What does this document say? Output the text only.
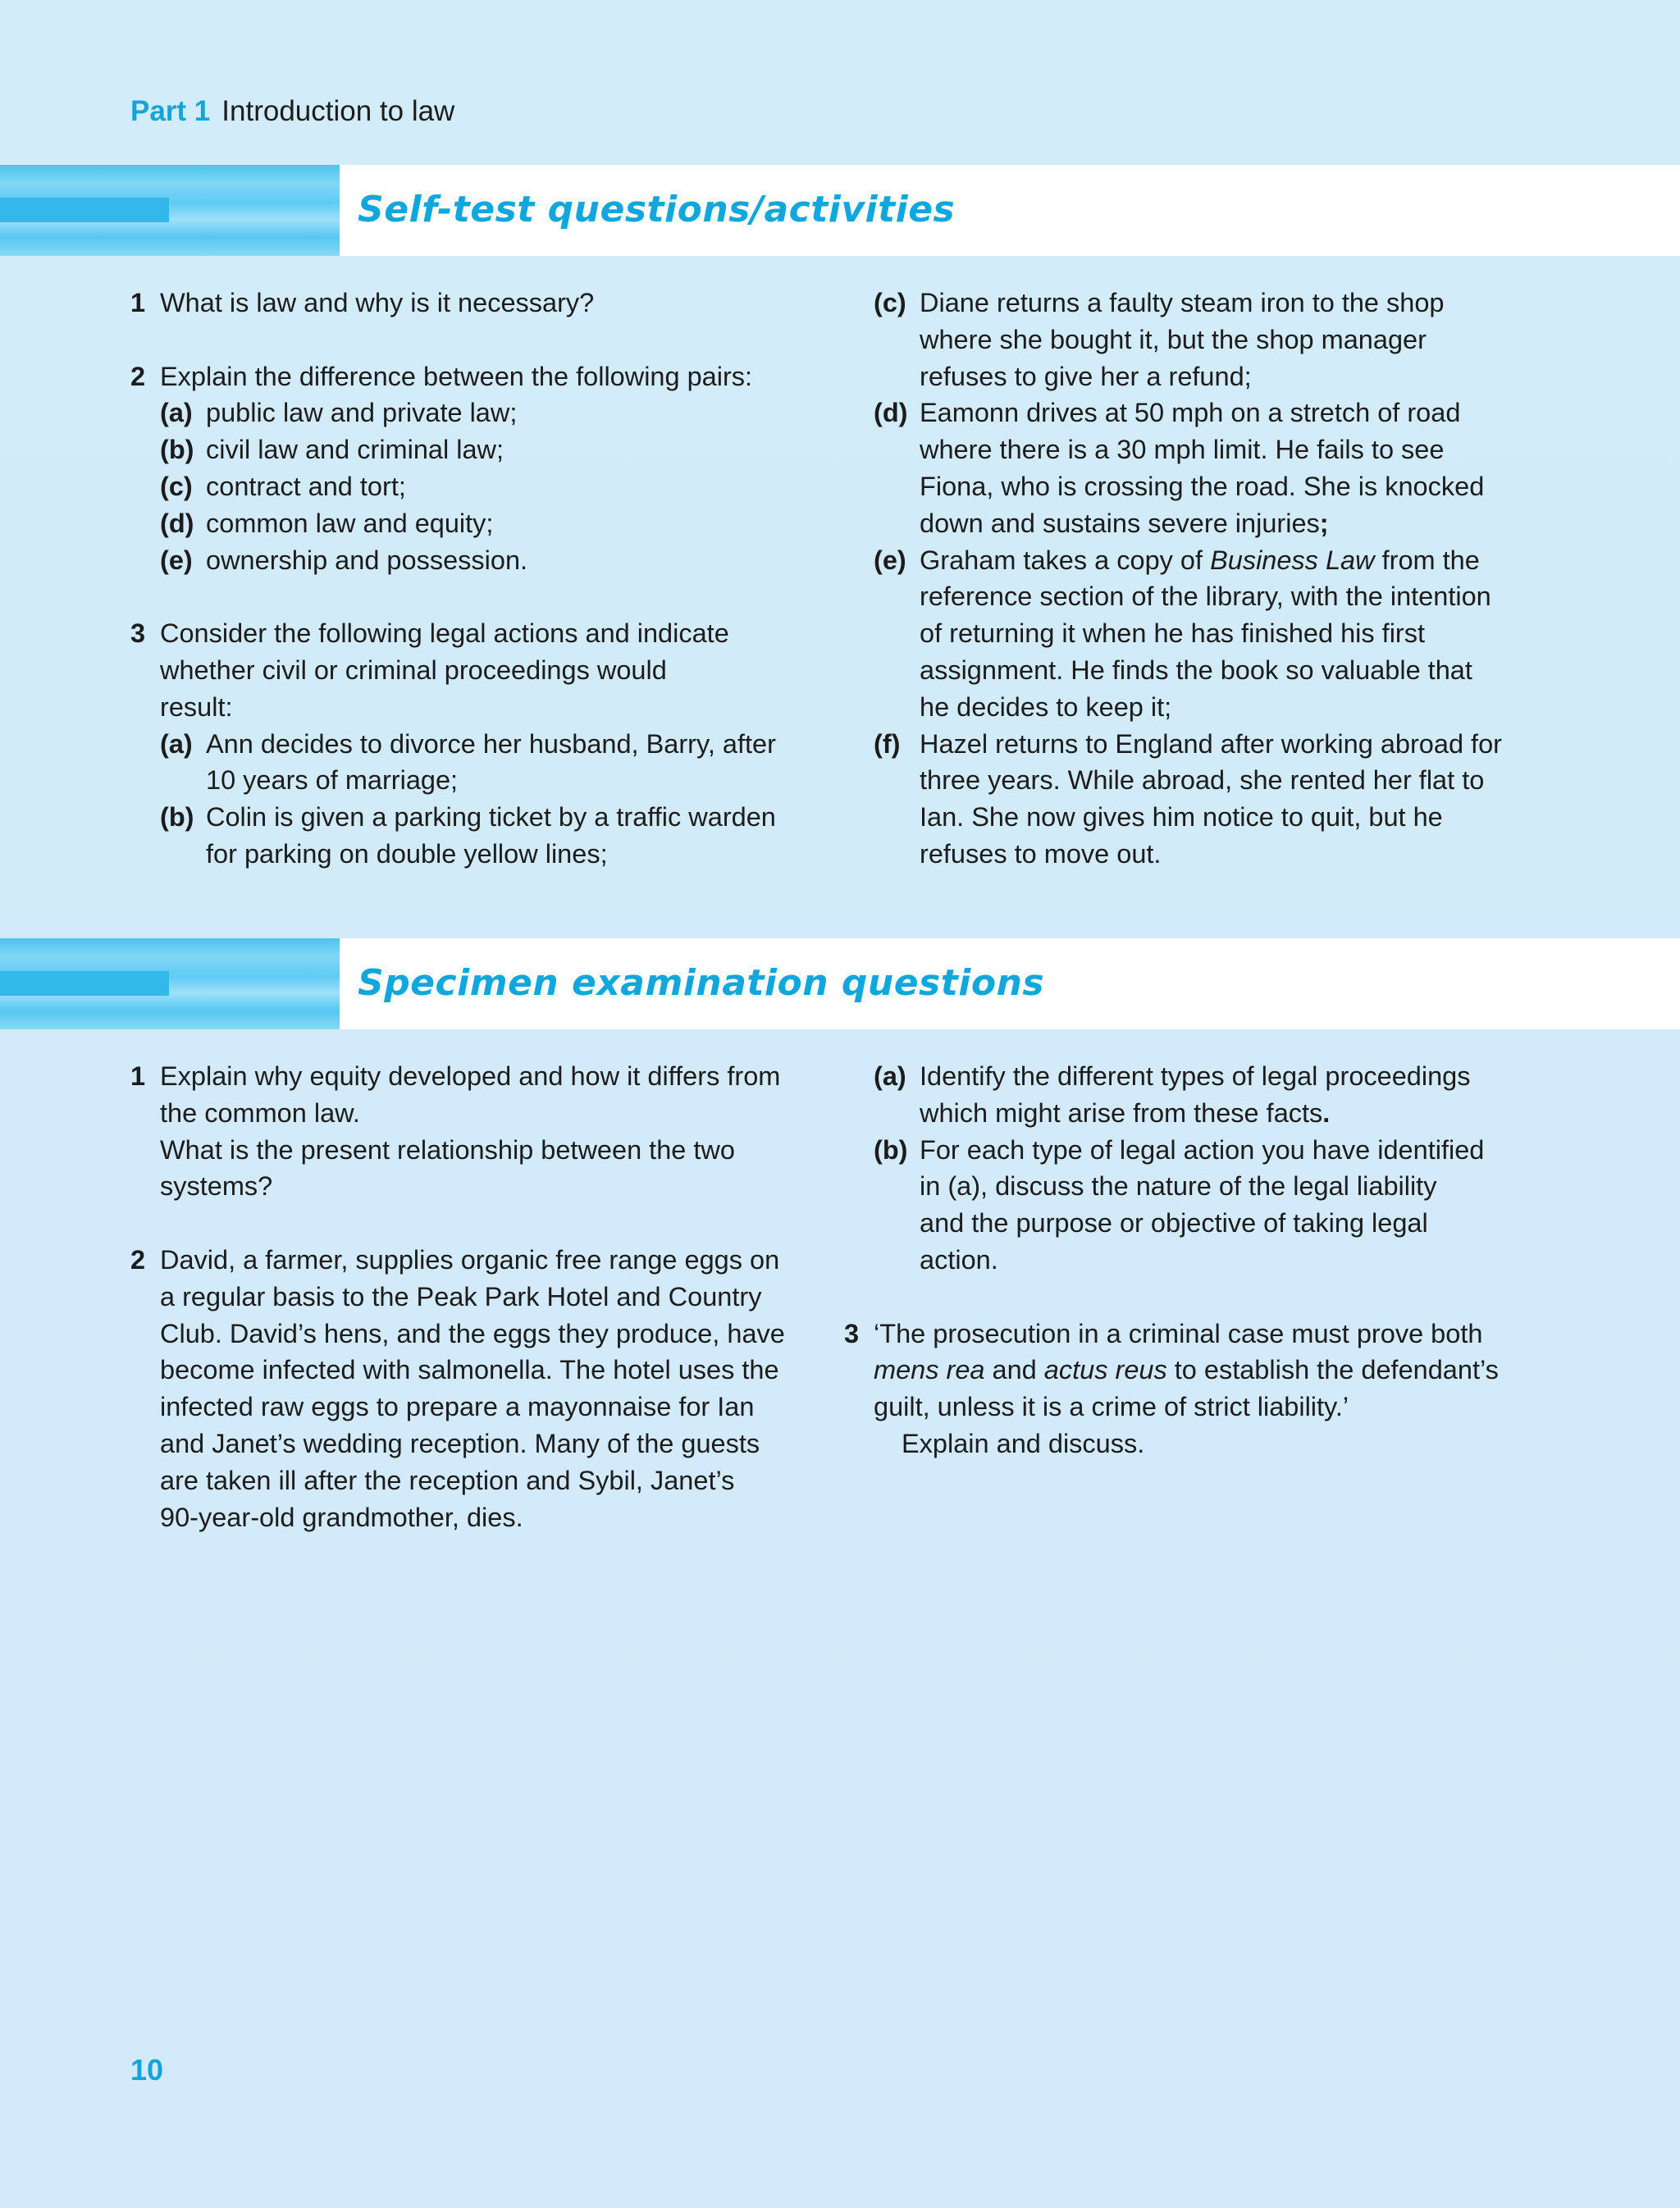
Part 1 Introduction to law
Self-test questions/activities
1 What is law and why is it necessary?
2 Explain the difference between the following pairs:
(a) public law and private law;
(b) civil law and criminal law;
(c) contract and tort;
(d) common law and equity;
(e) ownership and possession.
3 Consider the following legal actions and indicate
whether civil or criminal proceedings would
result:
(a) Ann decides to divorce her husband, Barry, after
10 years of marriage;
(b) Colin is given a parking ticket by a traffic warden
for parking on double yellow lines;
(c) Diane returns a faulty steam iron to the shop
where she bought it, but the shop manager
refuses to give her a refund;
(d) Eamonn drives at 50 mph on a stretch of road
where there is a 30 mph limit. He fails to see
Fiona, who is crossing the road. She is knocked
down and sustains severe injuries;
(e) Graham takes a copy of Business Law from the
reference section of the library, with the intention
of returning it when he has finished his first
assignment. He finds the book so valuable that
he decides to keep it;
(f) Hazel returns to England after working abroad for
three years. While abroad, she rented her flat to
Ian. She now gives him notice to quit, but he
refuses to move out.
Specimen examination questions
1 Explain why equity developed and how it differs from
the common law.
What is the present relationship between the two
systems?
2 David, a farmer, supplies organic free range eggs on
a regular basis to the Peak Park Hotel and Country
Club. David’s hens, and the eggs they produce, have
become infected with salmonella. The hotel uses the
infected raw eggs to prepare a mayonnaise for Ian
and Janet’s wedding reception. Many of the guests
are taken ill after the reception and Sybil, Janet’s
90-year-old grandmother, dies.
(a) Identify the different types of legal proceedings
which might arise from these facts.
(b) For each type of legal action you have identified
in (a), discuss the nature of the legal liability
and the purpose or objective of taking legal
action.
3 ‘The prosecution in a criminal case must prove both
mens rea and actus reus to establish the defendant’s
guilt, unless it is a crime of strict liability.’
Explain and discuss.
10
